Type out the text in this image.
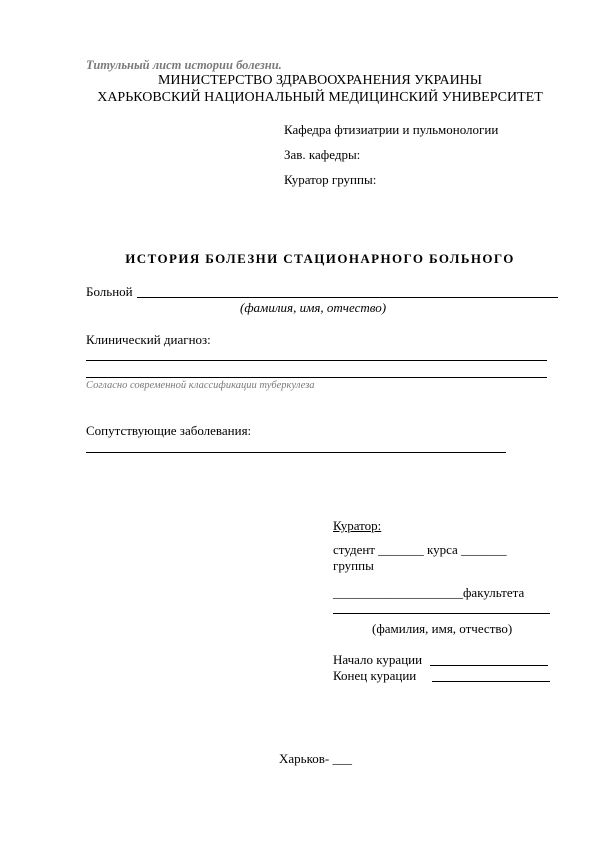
Титульный лист истории болезни.
МИНИСТЕРСТВО ЗДРАВООХРАНЕНИЯ УКРАИНЫ
ХАРЬКОВСКИЙ НАЦИОНАЛЬНЫЙ МЕДИЦИНСКИЙ УНИВЕРСИТЕТ
Кафедра фтизиатрии и пульмонологии
Зав. кафедры:
Куратор группы:
ИСТОРИЯ БОЛЕЗНИ СТАЦИОНАРНОГО БОЛЬНОГО
Больной
(фамилия, имя, отчество)
Клинический диагноз:
Согласно современной классификации туберкулеза
Сопутствующие заболевания:
Куратор:
студент _______ курса _______
группы
____________________факультета
(фамилия, имя, отчество)
Начало курации
Конец курации
Харьков- ___
